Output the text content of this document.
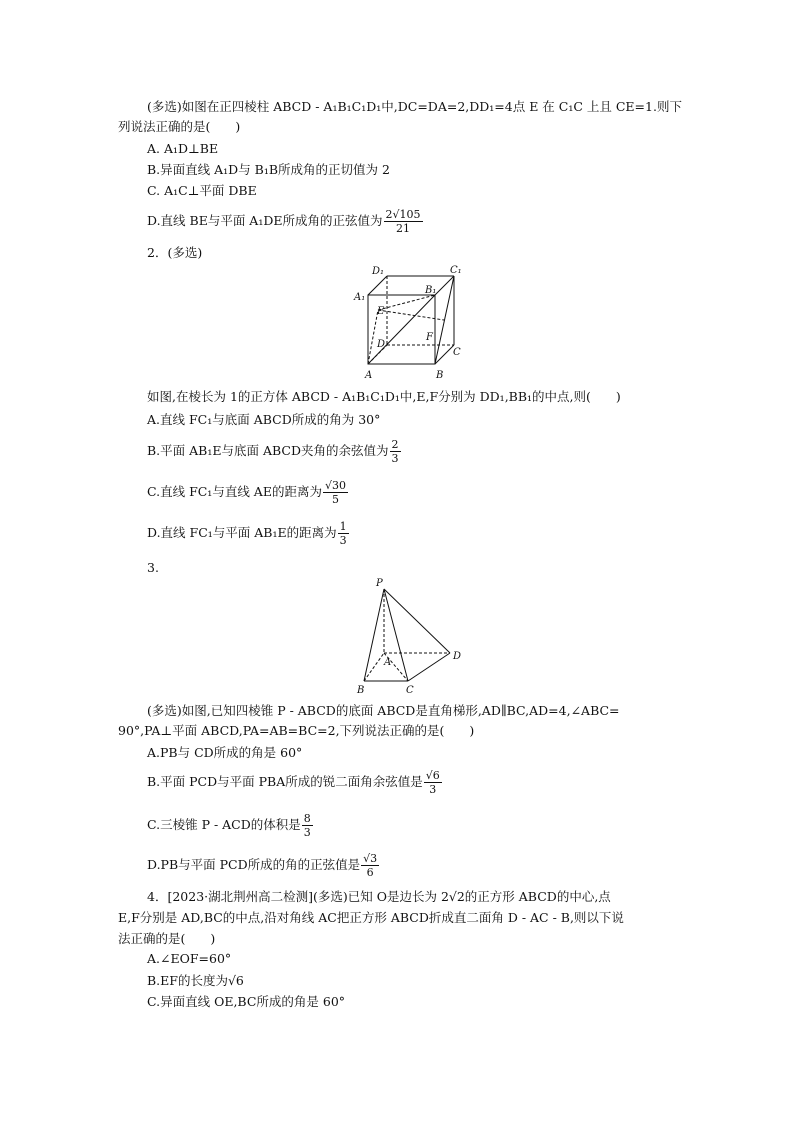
(多选)如图在正四棱柱 ABCD - A₁B₁C₁D₁中,DC=DA=2,DD₁=4点 E 在 C₁C 上且 CE=1.则下
列说法正确的是(　　)
A. A₁D⊥BE
B.异面直线 A₁D与 B₁B所成角的正切值为 2
C. A₁C⊥平面 DBE
D.直线 BE与平面 A₁DE所成角的正弦值为 $\frac{2√105}{21}$
2．(多选)
D₁	C₁
A₁
B₁
E
F
D
C
A	B
如图,在棱长为 1的正方体 ABCD - A₁B₁C₁D₁中,E,F分别为 DD₁,BB₁的中点,则(　　)
A.直线 FC₁与底面 ABCD所成的角为 30°
B.平面 AB₁E与底面 ABCD夹角的余弦值为 $\frac{2}{3}$
C.直线 FC₁与直线 AE的距离为 $\frac{√30}{5}$
D.直线 FC₁与平面 AB₁E的距离为 $\frac{1}{3}$
3.
P
A
B	C
D
(多选)如图,已知四棱锥 P - ABCD的底面 ABCD是直角梯形,AD∥BC,AD=4,∠ABC=
90°,PA⊥平面 ABCD,PA=AB=BC=2,下列说法正确的是(　　)
A.PB与 CD所成的角是 60°
B.平面 PCD与平面 PBA所成的锐二面角余弦值是 $\frac{√6}{3}$
C.三棱锥 P - ACD的体积是 $\frac{8}{3}$
D.PB与平面 PCD所成的角的正弦值是 $\frac{√3}{6}$
4．[2023·湖北荆州高二检测](多选)已知 O是边长为 2√2的正方形 ABCD的中心,点
E,F分别是 AD,BC的中点,沿对角线 AC把正方形 ABCD折成直二面角 D - AC - B,则以下说
法正确的是(　　)
A.∠EOF=60°
B.EF的长度为√6
C.异面直线 OE,BC所成的角是 60°
